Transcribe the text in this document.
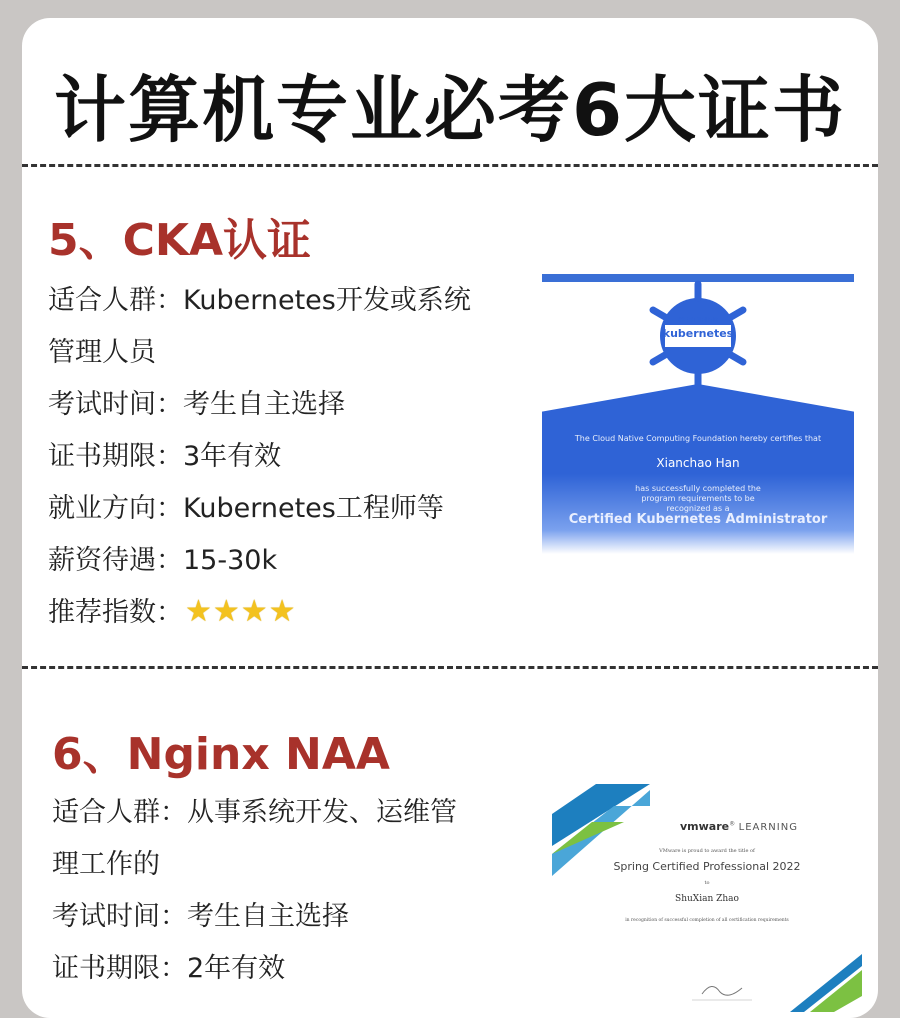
计算机专业必考6大证书
5、CKA认证
适合人群：Kubernetes开发或系统
管理人员
考试时间：考生自主选择
证书期限：3年有效
就业方向：Kubernetes工程师等
薪资待遇：15-30k
推荐指数：★★★★
CERTIFIED
kubernetes
ADMINISTRATOR
The Cloud Native Computing Foundation hereby certifies that
Xianchao Han
has successfully completed the program requirements to be recognized as a
Certified Kubernetes Administrator
6、Nginx NAA
适合人群：从事系统开发、运维管
理工作的
考试时间：考生自主选择
证书期限：2年有效
vmware® LEARNING
VMware is proud to award the title of
Spring Certified Professional 2022
to
ShuXian Zhao
in recognition of successful completion of all certification requirements
